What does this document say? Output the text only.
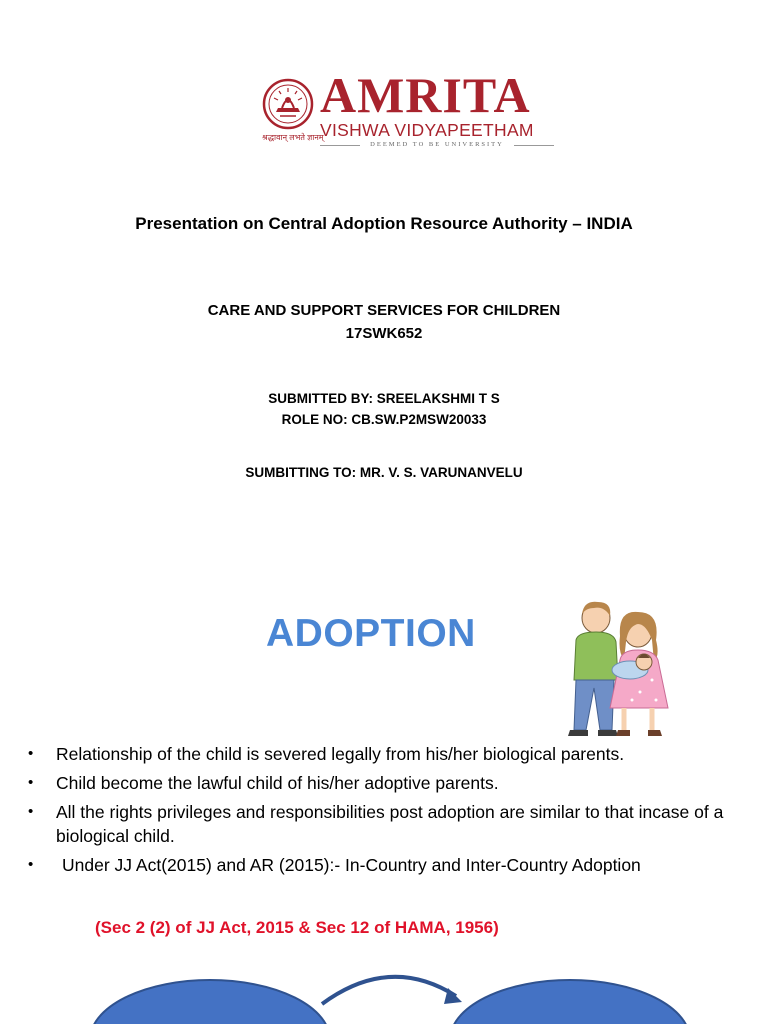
AMRITA
VISHWA VIDYAPEETHAM
श्रद्धावान् लभते ज्ञानम्
DEEMED TO BE UNIVERSITY
Presentation on Central Adoption Resource Authority – INDIA
CARE AND SUPPORT SERVICES FOR CHILDREN
17SWK652
SUBMITTED BY: SREELAKSHMI T S
ROLE NO: CB.SW.P2MSW20033
SUMBITTING TO: MR. V. S. VARUNANVELU
ADOPTION
•	Relationship of the child is severed legally from his/her biological parents.
•	Child become the lawful child of his/her adoptive parents.
•	All the rights privileges and responsibilities post adoption are similar to that incase of a biological child.
•	Under JJ Act(2015) and AR (2015):- In-Country and Inter-Country Adoption
(Sec 2 (2) of JJ Act, 2015 & Sec 12 of HAMA, 1956)
